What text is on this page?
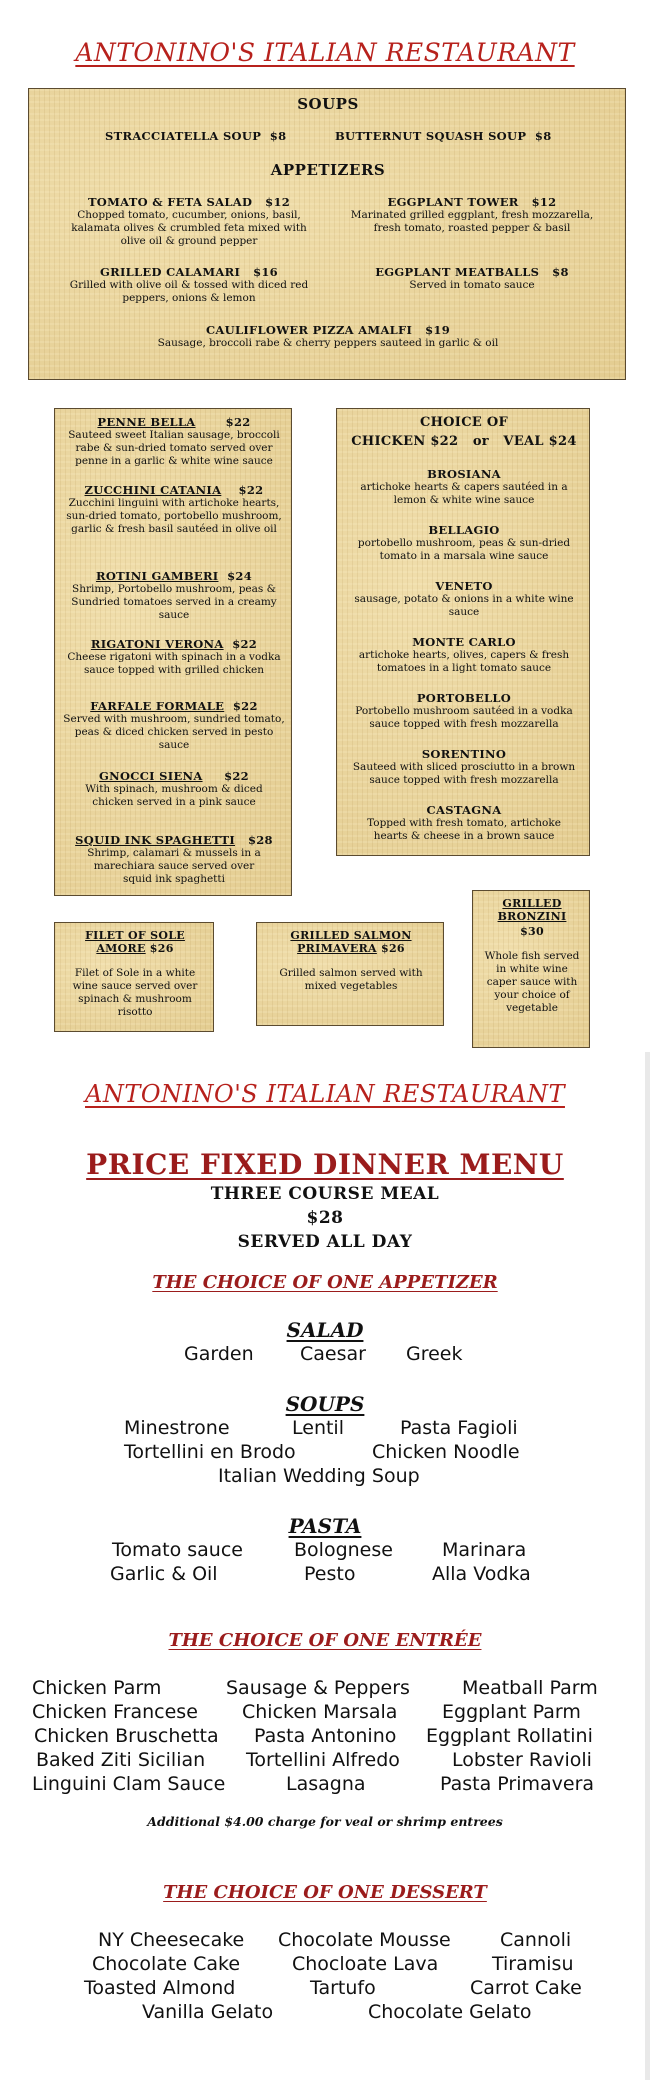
ANTONINO'S ITALIAN RESTAURANT
SOUPS
STRACCIATELLA SOUP $8	BUTTERNUT SQUASH SOUP $8
APPETIZERS
TOMATO & FETA SALAD $12
Chopped tomato, cucumber, onions, basil, kalamata olives & crumbled feta mixed with olive oil & ground pepper
EGGPLANT TOWER $12
Marinated grilled eggplant, fresh mozzarella, fresh tomato, roasted pepper & basil
GRILLED CALAMARI $16
Grilled with olive oil & tossed with diced red peppers, onions & lemon
EGGPLANT MEATBALLS $8
Served in tomato sauce
CAULIFLOWER PIZZA AMALFI $19
Sausage, broccoli rabe & cherry peppers sauteed in garlic & oil
PENNE BELLA	$22
Sauteed sweet Italian sausage, broccoli rabe & sun-dried tomato served over penne in a garlic & white wine sauce
ZUCCHINI CATANIA $22
Zucchini linguini with artichoke hearts, sun-dried tomato, portobello mushroom, garlic & fresh basil sautéed in olive oil
ROTINI GAMBERI $24
Shrimp, Portobello mushroom, peas & Sundried tomatoes served in a creamy sauce
RIGATONI VERONA $22
Cheese rigatoni with spinach in a vodka sauce topped with grilled chicken
FARFALE FORMALE $22
Served with mushroom, sundried tomato, peas & diced chicken served in pesto sauce
GNOCCI SIENA $22
With spinach, mushroom & diced chicken served in a pink sauce
SQUID INK SPAGHETTI $28
Shrimp, calamari & mussels in a marechiara sauce served over squid ink spaghetti
CHOICE OF
CHICKEN $22   or   VEAL $24
BROSIANA
artichoke hearts & capers sautéed in a lemon & white wine sauce
BELLAGIO
portobello mushroom, peas & sun-dried tomato in a marsala wine sauce
VENETO
sausage, potato & onions in a white wine sauce
MONTE CARLO
artichoke hearts, olives, capers & fresh tomatoes in a light tomato sauce
PORTOBELLO
Portobello mushroom sautéed in a vodka sauce topped with fresh mozzarella
SORENTINO
Sauteed with sliced prosciutto in a brown sauce topped with fresh mozzarella
CASTAGNA
Topped with fresh tomato, artichoke hearts & cheese in a brown sauce
FILET OF SOLE
AMORE $26
Filet of Sole in a white wine sauce served over spinach & mushroom risotto
GRILLED SALMON
PRIMAVERA $26
Grilled salmon served with mixed vegetables
GRILLED
BRONZINI
$30
Whole fish served in white wine caper sauce with your choice of vegetable
ANTONINO'S ITALIAN RESTAURANT
PRICE FIXED DINNER MENU
THREE COURSE MEAL
$28
SERVED ALL DAY
THE CHOICE OF ONE APPETIZER
SALAD
Garden Caesar Greek
SOUPS
Minestrone	Lentil	Pasta Fagioli
Tortellini en Brodo	Chicken Noodle
Italian Wedding Soup
PASTA
Tomato sauce	Bolognese	Marinara
Garlic & Oil	Pesto	Alla Vodka
THE CHOICE OF ONE ENTRÉE
Chicken Parm	Sausage & Peppers	Meatball Parm
Chicken Francese Chicken Marsala Eggplant Parm
Chicken Bruschetta Pasta Antonino Eggplant Rollatini
Baked Ziti Sicilian Tortellini Alfredo	Lobster Ravioli
Linguini Clam Sauce	Lasagna	Pasta Primavera
Additional $4.00 charge for veal or shrimp entrees
THE CHOICE OF ONE DESSERT
NY Cheesecake Chocolate Mousse	Cannoli
Chocolate Cake	Chocloate Lava	Tiramisu
Toasted Almond	Tartufo	Carrot Cake
Vanilla Gelato	Chocolate Gelato
